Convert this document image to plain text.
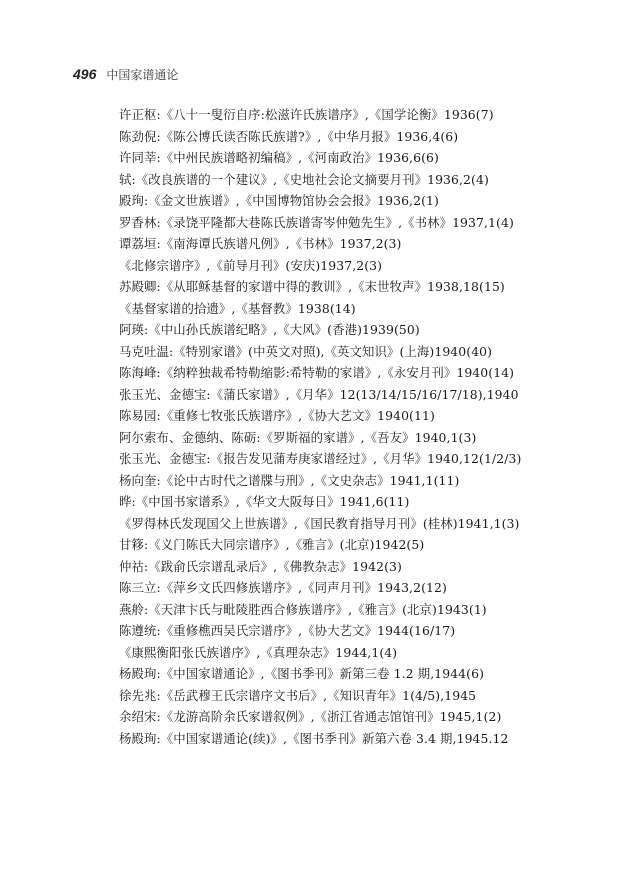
496 中国家谱通论
许正枢:《八十一叟衍自序:松滋许氏族谱序》,《国学论衡》1936(7)
陈劲倪:《陈公博氏读否陈氏族谱?》,《中华月报》1936,4(6)
许同莘:《中州民族谱略初编稿》,《河南政治》1936,6(6)
轼:《改良族谱的一个建议》,《史地社会论文摘要月刊》1936,2(4)
殿珣:《金文世族谱》,《中国博物馆协会会报》1936,2(1)
罗香林:《录饶平隆都大巷陈氏族谱寄岑仲勉先生》,《书林》1937,1(4)
谭荔垣:《南海谭氏族谱凡例》,《书林》1937,2(3)
《北修宗谱序》,《前导月刊》(安庆)1937,2(3)
苏殿卿:《从耶稣基督的家谱中得的教训》,《末世牧声》1938,18(15)
《基督家谱的拾遗》,《基督教》1938(14)
阿瑛:《中山孙氏族谱纪略》,《大风》(香港)1939(50)
马克吐温:《特别家谱》(中英文对照),《英文知识》(上海)1940(40)
陈海峰:《纳粹独裁希特勒缩影:希特勒的家谱》,《永安月刊》1940(14)
张玉光、金德宝:《蒲氏家谱》,《月华》12(13/14/15/16/17/18),1940
陈易园:《重修七牧张氏族谱序》,《协大艺文》1940(11)
阿尔索布、金德纳、陈砺:《罗斯福的家谱》,《吾友》1940,1(3)
张玉光、金德宝:《报告发见蒲寿庚家谱经过》,《月华》1940,12(1/2/3)
杨向奎:《论中古时代之谱牒与刑》,《文史杂志》1941,1(11)
晔:《中国书家谱系》,《华文大阪每日》1941,6(11)
《罗得林氏发现国父上世族谱》,《国民教育指导月刊》(桂林)1941,1(3)
甘簃:《义门陈氏大同宗谱序》,《雅言》(北京)1942(5)
仲祜:《跋俞氏宗谱乱录后》,《佛教杂志》1942(3)
陈三立:《萍乡文氏四修族谱序》,《同声月刊》1943,2(12)
燕舲:《天津卞氏与毗陵胜西合修族谱序》,《雅言》(北京)1943(1)
陈遵统:《重修樵西吴氏宗谱序》,《协大艺文》1944(16/17)
《康熙衡阳张氏族谱序》,《真理杂志》1944,1(4)
杨殿珣:《中国家谱通论》,《图书季刊》新第三卷 1.2 期,1944(6)
徐先兆:《岳武穆王氏宗谱序文书后》,《知识青年》1(4/5),1945
余绍宋:《龙游高阶余氏家谱叙例》,《浙江省通志馆馆刊》1945,1(2)
杨殿珣:《中国家谱通论(续)》,《图书季刊》新第六卷 3.4 期,1945.12
